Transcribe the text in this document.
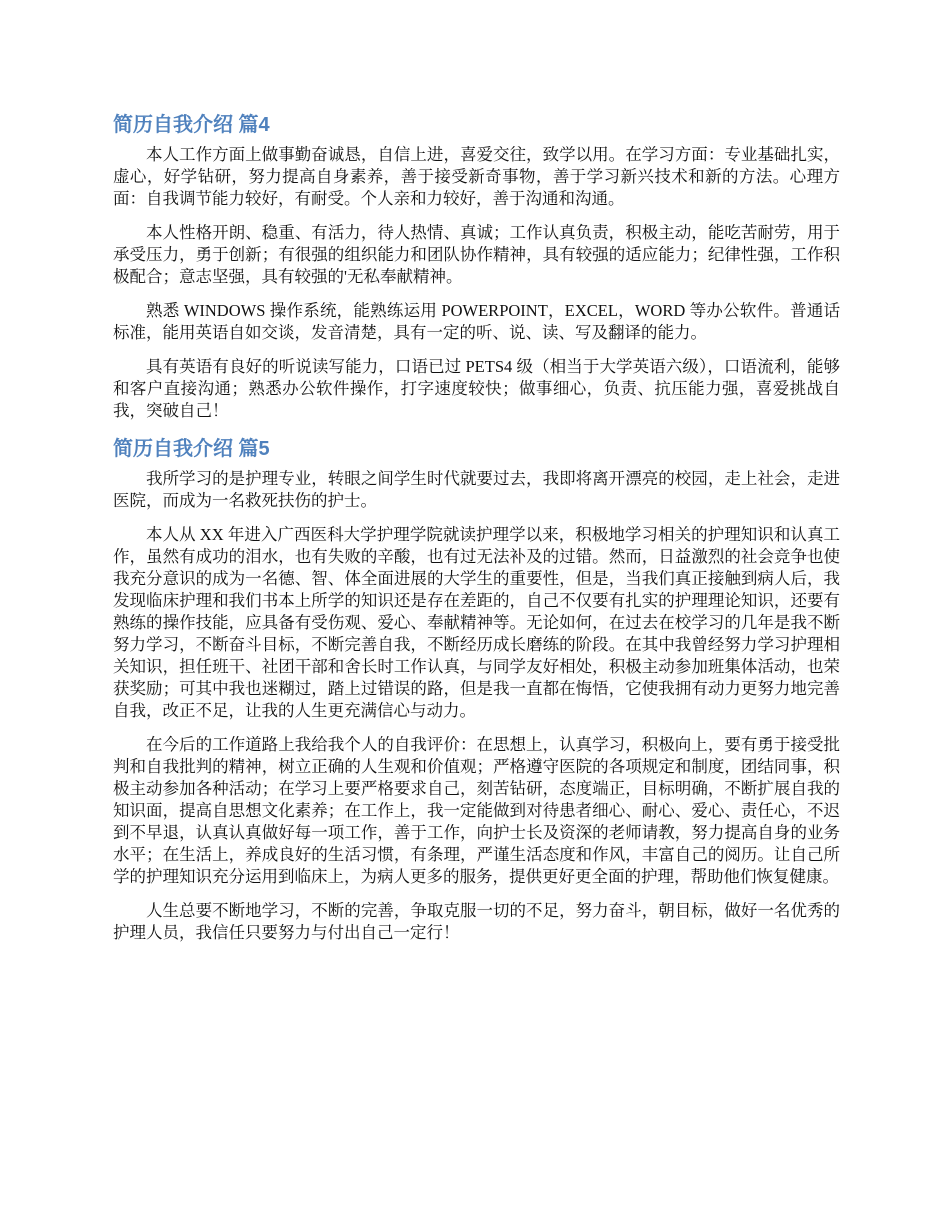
简历自我介绍 篇4

本人工作方面上做事勤奋诚恳，自信上进，喜爱交往，致学以用。在学习方面：专业基础扎实，虚心，好学钻研，努力提高自身素养，善于接受新奇事物，善于学习新兴技术和新的方法。心理方面：自我调节能力较好，有耐受。个人亲和力较好，善于沟通和沟通。

本人性格开朗、稳重、有活力，待人热情、真诚；工作认真负责，积极主动，能吃苦耐劳，用于承受压力，勇于创新；有很强的组织能力和团队协作精神，具有较强的适应能力；纪律性强，工作积极配合；意志坚强，具有较强的'无私奉献精神。

熟悉 WINDOWS 操作系统，能熟练运用 POWERPOINT，EXCEL，WORD 等办公软件。普通话标准，能用英语自如交谈，发音清楚，具有一定的听、说、读、写及翻译的能力。

具有英语有良好的听说读写能力，口语已过 PETS4 级（相当于大学英语六级），口语流利，能够和客户直接沟通；熟悉办公软件操作，打字速度较快；做事细心，负责、抗压能力强，喜爱挑战自我，突破自己！

简历自我介绍 篇5

我所学习的是护理专业，转眼之间学生时代就要过去，我即将离开漂亮的校园，走上社会，走进医院，而成为一名救死扶伤的护士。

本人从 XX 年进入广西医科大学护理学院就读护理学以来，积极地学习相关的护理知识和认真工作，虽然有成功的泪水，也有失败的辛酸，也有过无法补及的过错。然而，日益激烈的社会竞争也使我充分意识的成为一名德、智、体全面进展的大学生的重要性，但是，当我们真正接触到病人后，我发现临床护理和我们书本上所学的知识还是存在差距的，自己不仅要有扎实的护理理论知识，还要有熟练的操作技能，应具备有受伤观、爱心、奉献精神等。无论如何，在过去在校学习的几年是我不断努力学习，不断奋斗目标，不断完善自我，不断经历成长磨练的阶段。在其中我曾经努力学习护理相关知识，担任班干、社团干部和舍长时工作认真，与同学友好相处，积极主动参加班集体活动，也荣获奖励；可其中我也迷糊过，踏上过错误的路，但是我一直都在悔悟，它使我拥有动力更努力地完善自我，改正不足，让我的人生更充满信心与动力。

在今后的工作道路上我给我个人的自我评价：在思想上，认真学习，积极向上，要有勇于接受批判和自我批判的精神，树立正确的人生观和价值观；严格遵守医院的各项规定和制度，团结同事，积极主动参加各种活动；在学习上要严格要求自己，刻苦钻研，态度端正，目标明确，不断扩展自我的知识面，提高自思想文化素养；在工作上，我一定能做到对待患者细心、耐心、爱心、责任心，不迟到不早退，认真认真做好每一项工作，善于工作，向护士长及资深的老师请教，努力提高自身的业务水平；在生活上，养成良好的生活习惯，有条理，严谨生活态度和作风，丰富自己的阅历。让自己所学的护理知识充分运用到临床上，为病人更多的服务，提供更好更全面的护理，帮助他们恢复健康。

人生总要不断地学习，不断的完善，争取克服一切的不足，努力奋斗，朝目标，做好一名优秀的护理人员，我信任只要努力与付出自己一定行！
